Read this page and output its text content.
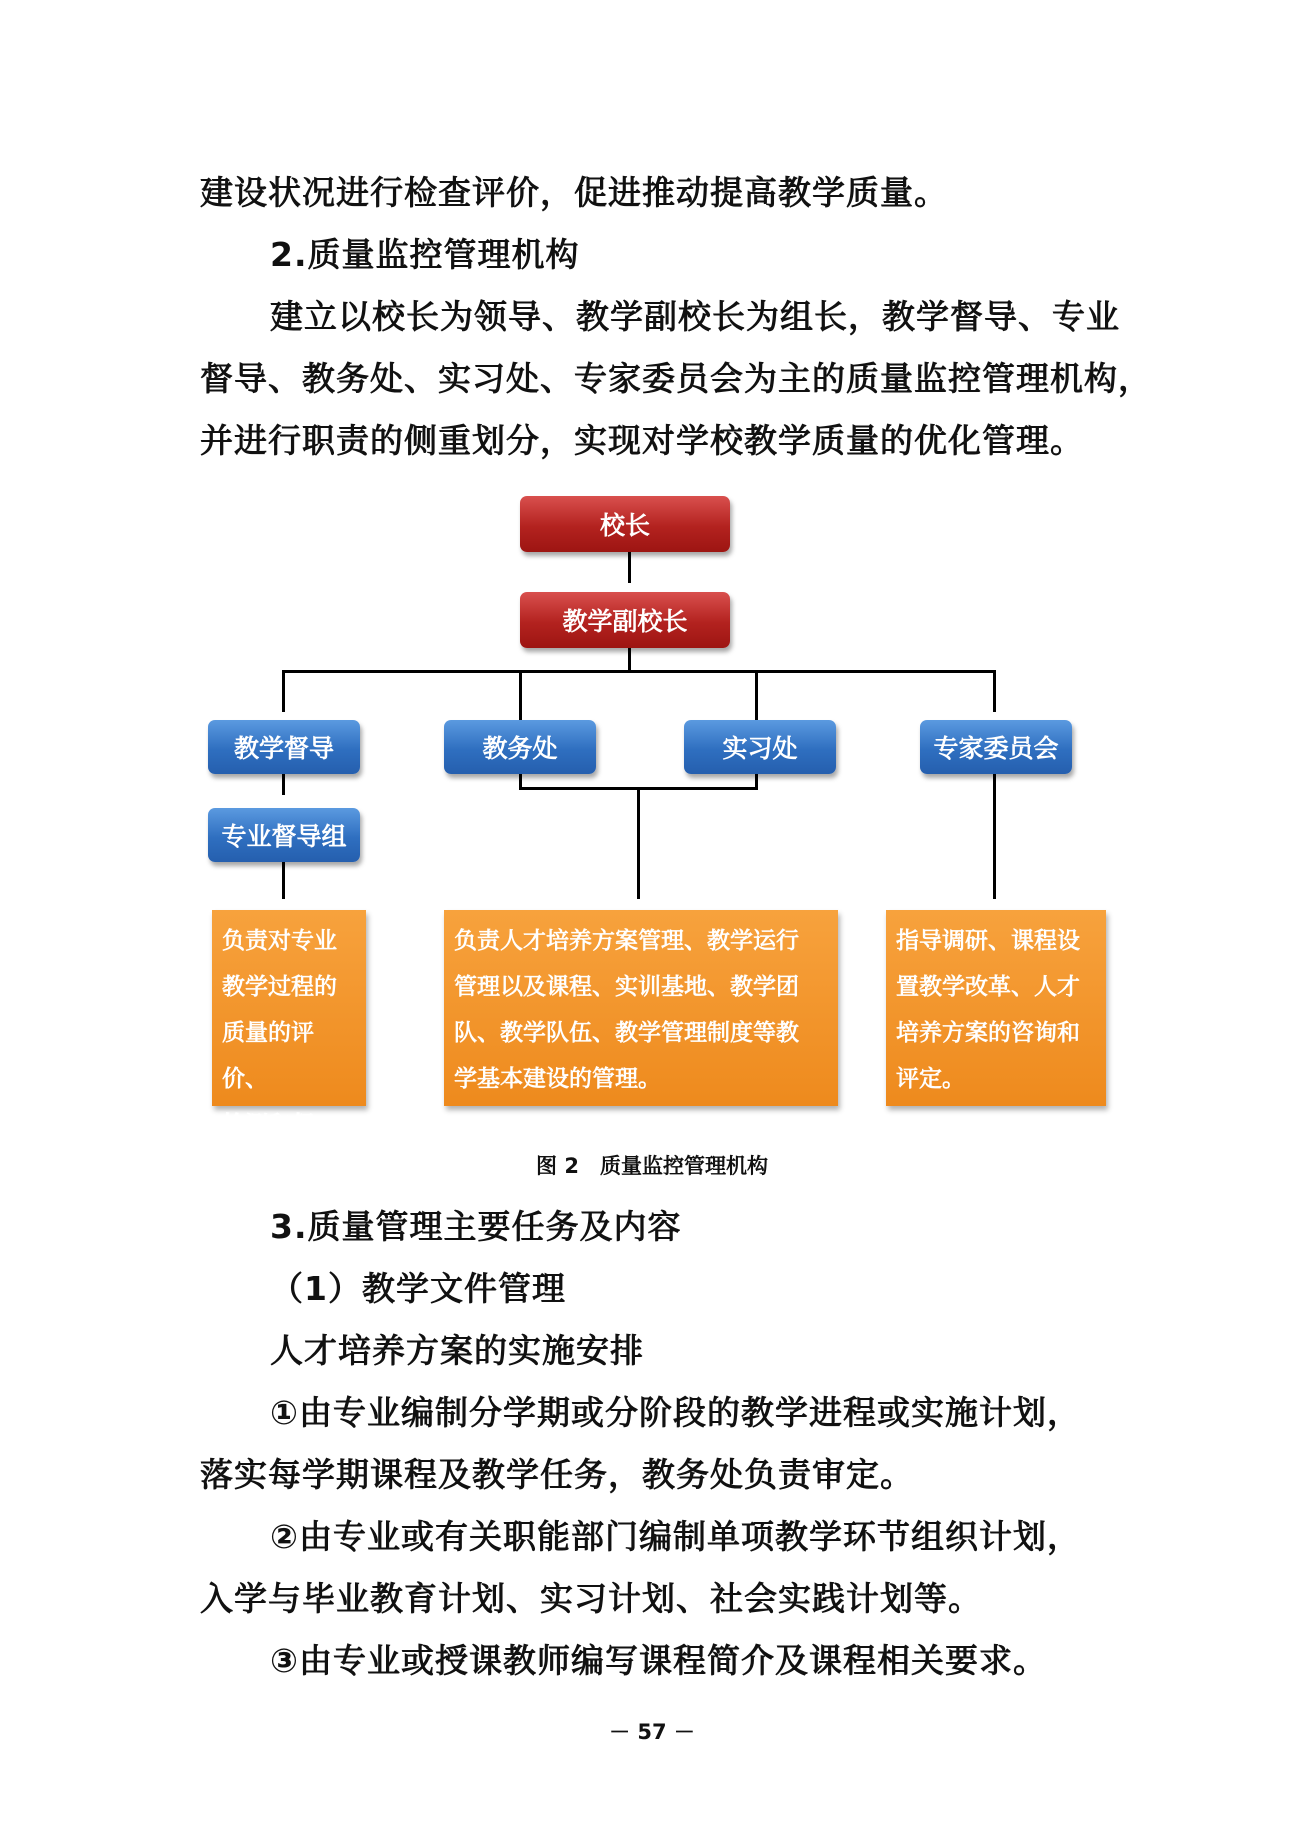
建设状况进行检查评价，促进推动提高教学质量。
2.质量监控管理机构
建立以校长为领导、教学副校长为组长，教学督导、专业
督导、教务处、实习处、专家委员会为主的质量监控管理机构，
并进行职责的侧重划分，实现对学校教学质量的优化管理。
校长
教学副校长
教学督导	教务处	实习处	专家委员会
专业督导组
负责对专业
教学过程的
质量的评价、
检测和督导。
负责人才培养方案管理、教学运行
管理以及课程、实训基地、教学团
队、教学队伍、教学管理制度等教
学基本建设的管理。
指导调研、课程设
置教学改革、人才
培养方案的咨询和
评定。
图 2　质量监控管理机构
3.质量管理主要任务及内容
（1）教学文件管理
人才培养方案的实施安排
①由专业编制分学期或分阶段的教学进程或实施计划，
落实每学期课程及教学任务，教务处负责审定。
②由专业或有关职能部门编制单项教学环节组织计划，
入学与毕业教育计划、实习计划、社会实践计划等。
③由专业或授课教师编写课程简介及课程相关要求。
－ 57 －
